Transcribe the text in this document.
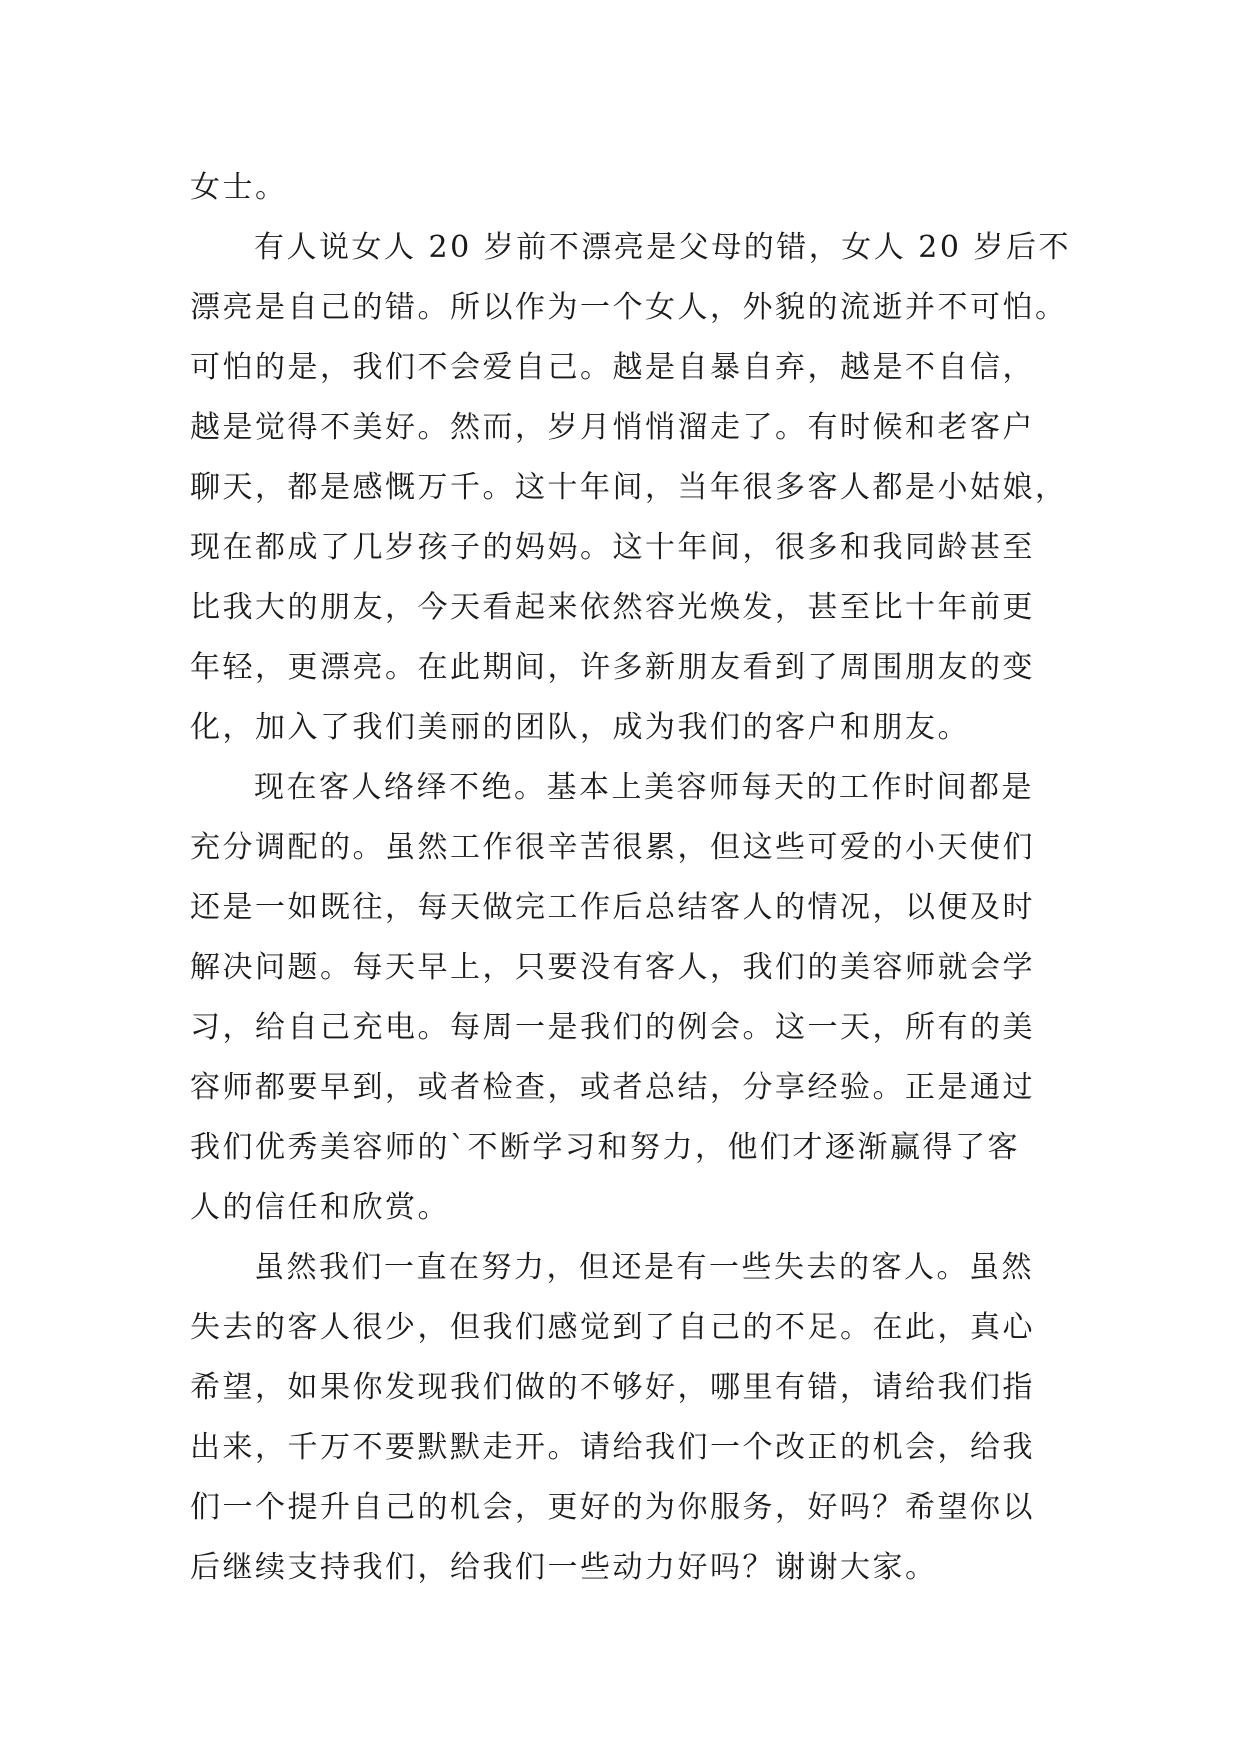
女士。
有人说女人 20 岁前不漂亮是父母的错，女人 20 岁后不
漂亮是自己的错。所以作为一个女人，外貌的流逝并不可怕。
可怕的是，我们不会爱自己。越是自暴自弃，越是不自信，
越是觉得不美好。然而，岁月悄悄溜走了。有时候和老客户
聊天，都是感慨万千。这十年间，当年很多客人都是小姑娘，
现在都成了几岁孩子的妈妈。这十年间，很多和我同龄甚至
比我大的朋友，今天看起来依然容光焕发，甚至比十年前更
年轻，更漂亮。在此期间，许多新朋友看到了周围朋友的变
化，加入了我们美丽的团队，成为我们的客户和朋友。
现在客人络绎不绝。基本上美容师每天的工作时间都是
充分调配的。虽然工作很辛苦很累，但这些可爱的小天使们
还是一如既往，每天做完工作后总结客人的情况，以便及时
解决问题。每天早上，只要没有客人，我们的美容师就会学
习，给自己充电。每周一是我们的例会。这一天，所有的美
容师都要早到，或者检查，或者总结，分享经验。正是通过
我们优秀美容师的`不断学习和努力，他们才逐渐赢得了客
人的信任和欣赏。
虽然我们一直在努力，但还是有一些失去的客人。虽然
失去的客人很少，但我们感觉到了自己的不足。在此，真心
希望，如果你发现我们做的不够好，哪里有错，请给我们指
出来，千万不要默默走开。请给我们一个改正的机会，给我
们一个提升自己的机会，更好的为你服务，好吗？希望你以
后继续支持我们，给我们一些动力好吗？谢谢大家。
